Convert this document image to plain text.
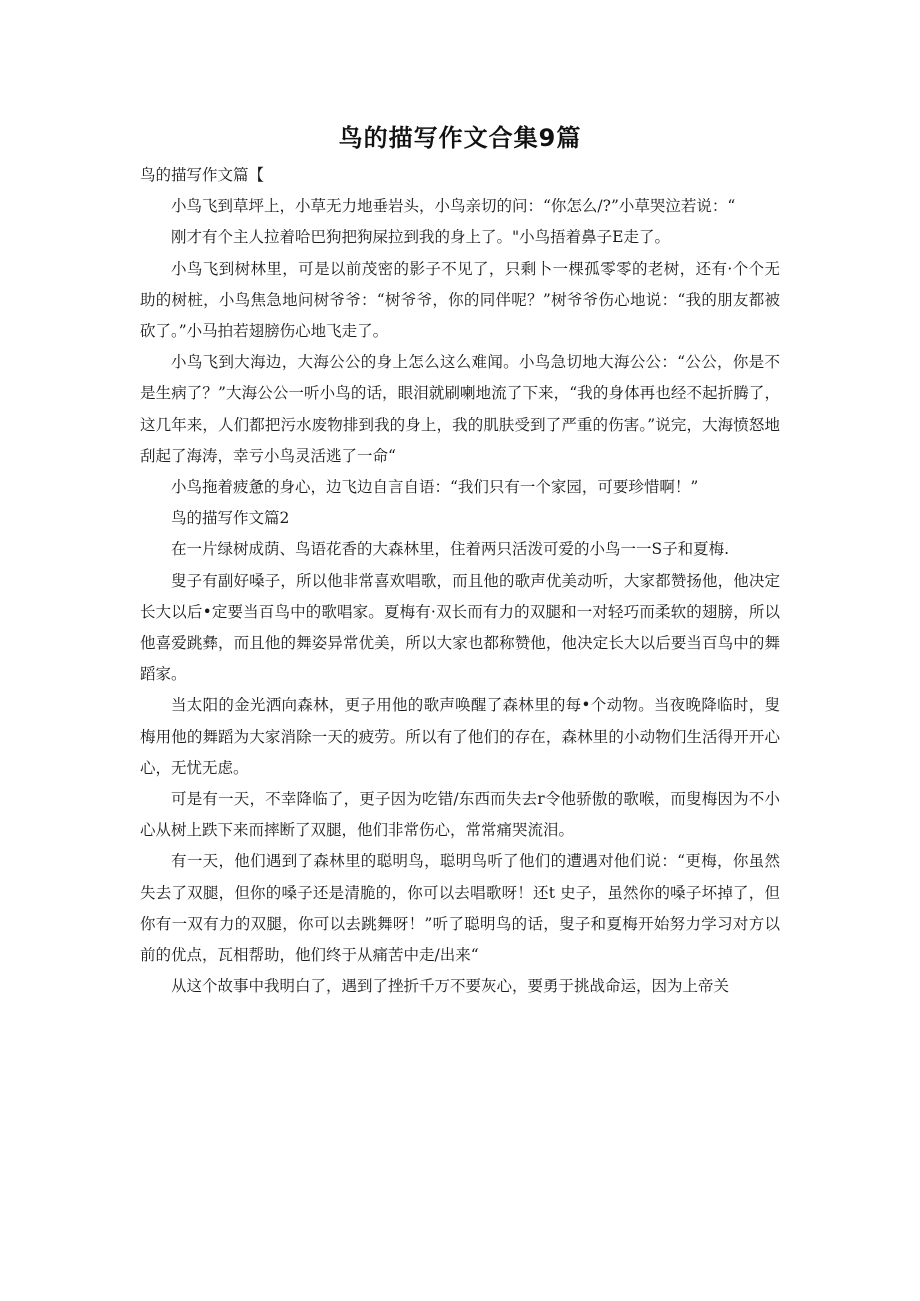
鸟的描写作文合集9篇

鸟的描写作文篇【

小鸟飞到草坪上，小草无力地垂岩头，小鸟亲切的问：“你怎么/?”小草哭泣若说：“

刚才有个主人拉着哈巴狗把狗屎拉到我的身上了。"小鸟捂着鼻子E走了。

小鸟飞到树林里，可是以前茂密的影子不见了，只剩卜一棵孤零零的老树，还有·个个无助的树桩，小鸟焦急地问树爷爷：“树爷爷，你的同伴呢？”树爷爷伤心地说：“我的朋友都被砍了。”小马拍若翅膀伤心地飞走了。

小鸟飞到大海边，大海公公的身上怎么这么难闻。小鸟急切地大海公公：“公公，你是不是生病了？”大海公公一听小鸟的话，眼泪就刷喇地流了下来，“我的身体再也经不起折腾了，这几年来，人们都把污水废物排到我的身上，我的肌肤受到了严重的伤害。”说完，大海愤怒地刮起了海涛，幸亏小鸟灵活逃了一命“

小鸟拖着疲惫的身心，边飞边自言自语：“我们只有一个家园，可要珍惜啊！”

鸟的描写作文篇2

在一片绿树成荫、鸟语花香的大森林里，住着两只活泼可爱的小鸟一一S子和夏梅.

叟子有副好嗓子，所以他非常喜欢唱歌，而且他的歌声优美动听，大家都赞扬他，他决定长大以后•定要当百鸟中的歌唱家。夏梅有·双长而有力的双腿和一对轻巧而柔软的翅膀，所以他喜爱跳彝，而且他的舞姿异常优美，所以大家也都称赞他，他决定长大以后要当百鸟中的舞蹈家。

当太阳的金光洒向森林，更子用他的歌声唤醒了森林里的每•个动物。当夜晚降临时，叟梅用他的舞蹈为大家消除一天的疲劳。所以有了他们的存在，森林里的小动物们生活得开开心心，无忧无虑。

可是有一天，不幸降临了，更子因为吃错/东西而失去r令他骄傲的歌喉，而叟梅因为不小心从树上跌下来而摔断了双腿，他们非常伤心，常常痛哭流泪。

有一天，他们遇到了森林里的聪明鸟，聪明鸟听了他们的遭遇对他们说：“更梅，你虽然失去了双腿，但你的嗓子还是清脆的，你可以去唱歌呀！还t 史子，虽然你的嗓子坏掉了，但你有一双有力的双腿，你可以去跳舞呀！”听了聪明鸟的话，叟子和夏梅开始努力学习对方以前的优点，瓦相帮助，他们终于从痛苦中走/出来“

从这个故事中我明白了，遇到了挫折千万不要灰心，要勇于挑战命运，因为上帝关
